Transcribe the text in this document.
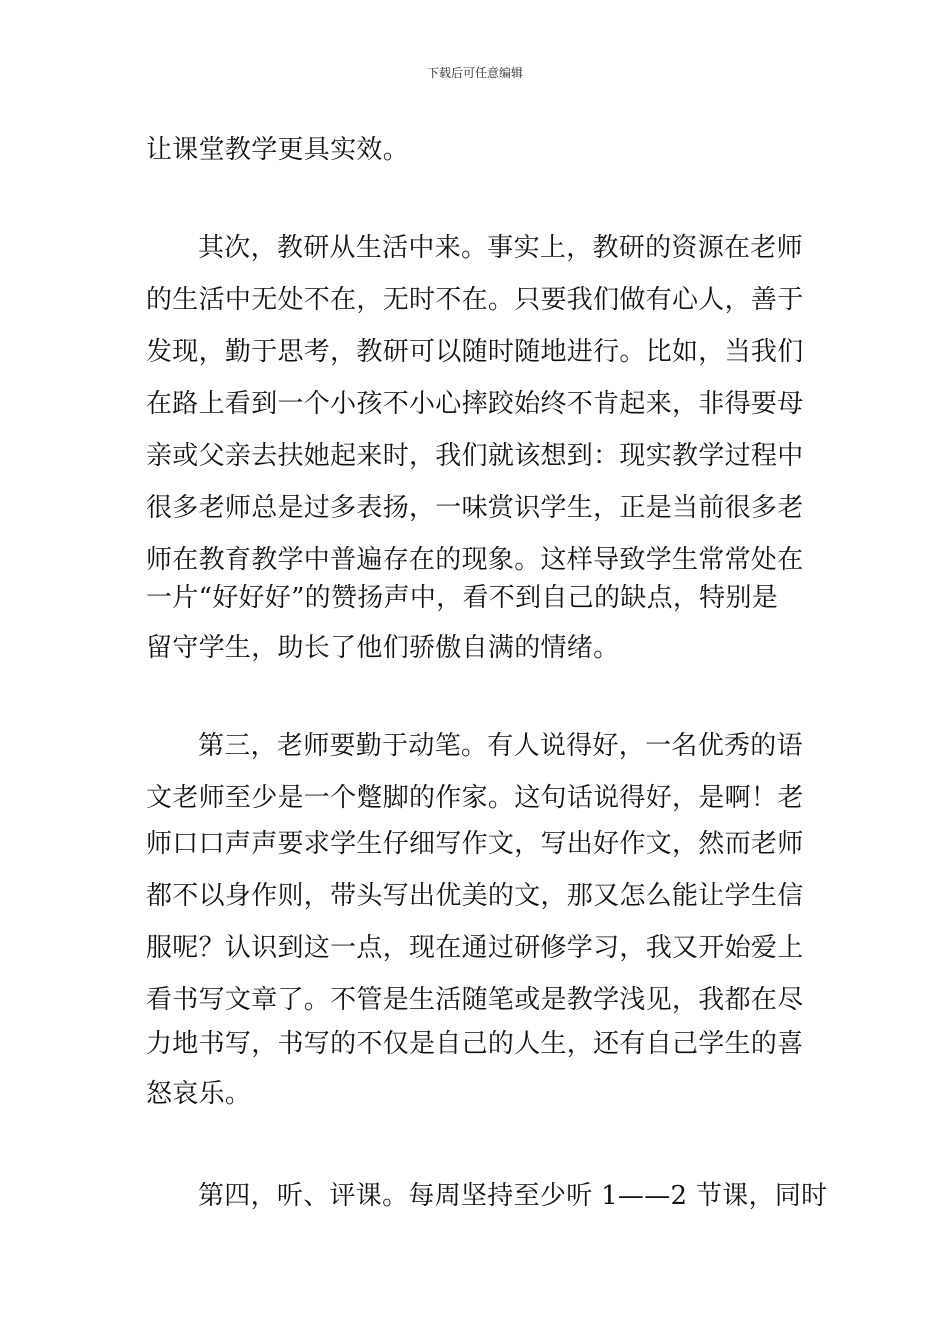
下载后可任意编辑
让课堂教学更具实效。
其次，教研从生活中来。事实上，教研的资源在老师
的生活中无处不在，无时不在。只要我们做有心人，善于
发现，勤于思考，教研可以随时随地进行。比如，当我们
在路上看到一个小孩不小心摔跤始终不肯起来，非得要母
亲或父亲去扶她起来时，我们就该想到：现实教学过程中
很多老师总是过多表扬，一味赏识学生，正是当前很多老
师在教育教学中普遍存在的现象。这样导致学生常常处在
一片“好好好”的赞扬声中，看不到自己的缺点，特别是
留守学生，助长了他们骄傲自满的情绪。
第三，老师要勤于动笔。有人说得好，一名优秀的语
文老师至少是一个蹩脚的作家。这句话说得好，是啊！老
师口口声声要求学生仔细写作文，写出好作文，然而老师
都不以身作则，带头写出优美的文，那又怎么能让学生信
服呢？认识到这一点，现在通过研修学习，我又开始爱上
看书写文章了。不管是生活随笔或是教学浅见，我都在尽
力地书写，书写的不仅是自己的人生，还有自己学生的喜
怒哀乐。
第四，听、评课。每周坚持至少听 1——2 节课，同时
